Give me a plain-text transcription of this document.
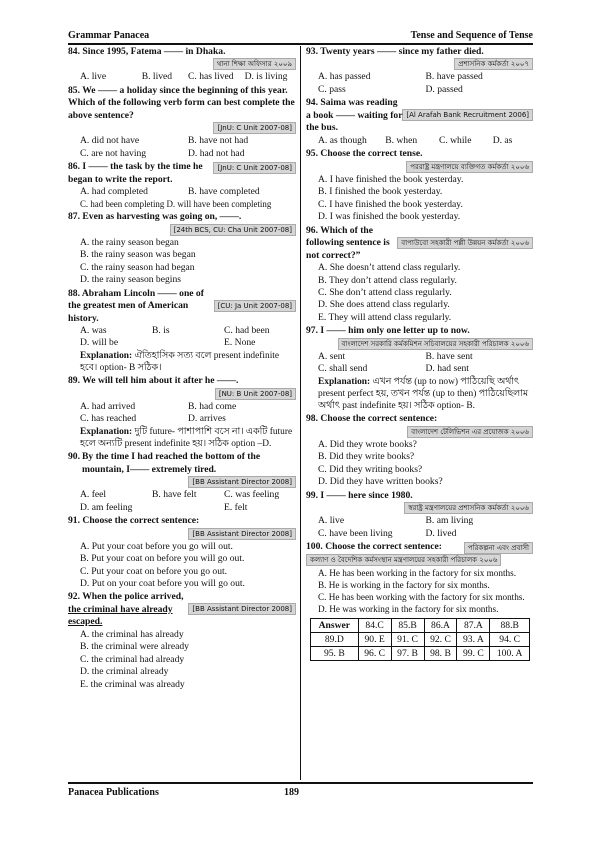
Grammar Panacea	Tense and Sequence of Tense
84. Since 1995, Fatema —— in Dhaka.
থানা শিক্ষা অফিসার ২০০৯
A. live	B. lived	C. has lived	D. is living
85. We —— a holiday since the beginning of this year. Which of the following verb form can best complete the above sentence?
[JnU: C Unit 2007-08]
A. did not have	B. have not had
C. are not having	D. had not had
[JnU: C Unit 2007-08]
86. I —— the task by the time he began to write the report.
A. had completed	B. have completed
C. had been completing D. will have been completing
87. Even as harvesting was going on, ——.
[24th BCS, CU: Cha Unit 2007-08]
A. the rainy season began
B. the rainy season was began
C. the rainy season had began
D. the rainy season begins
[CU: Ja Unit 2007-08]
88. Abraham Lincoln —— one of the greatest men of American history.
A. was	B. is	C. had been
D. will be	E. None
Explanation: ঐতিহাসিক সত্য বলে present indefinite হবে। option- B সঠিক।
89. We will tell him about it after he ——.
[NU: B Unit 2007-08]
A. had arrived	B. had come
C. has reached	D. arrives
Explanation: দুটি future- পাশাপাশি বসে না। একটি future হলে অন্যটি present indefinite হয়। সঠিক option –D.
90. By the time I had reached the bottom of the mountain, I—— extremely tired.
[BB Assistant Director 2008]
A. feel	B. have felt	C. was feeling
D. am feeling	E. felt
91. Choose the correct sentence:
[BB Assistant Director 2008]
A. Put your coat before you go will out.
B. Put your coat on before you will go out.
C. Put your coat on before you go out.
D. Put on your coat before you will go out.
[BB Assistant Director 2008]
92. When the police arrived, the criminal have already escaped.
A. the criminal has already
B. the criminal were already
C. the criminal had already
D. the criminal already
E. the criminal was already
93. Twenty years —— since my father died.
প্রশাসনিক কর্মকর্তা ২০০৭
A. has passed	B. have passed
C. pass	D. passed
[Al Arafah Bank Recruitment 2006]
94. Saima was reading a book —— waiting for the bus.
A. as though	B. when	C. while	D. as
95. Choose the correct tense.
পররাষ্ট্র মন্ত্রণালয়ে ব্যক্তিগত কর্মকর্তা ২০০৬
A. I have finished the book yesterday.
B. I finished the book yesterday.
C. I have finished the book yesterday.
D. I was finished the book yesterday.
বাপাউবো সহকারী পল্লী উন্নয়ন কর্মকর্তা ২০০৬
96. Which of the following sentence is not correct?”
A. She doesn’t attend class regularly.
B. They don’t attend class regularly.
C. She don’t attend class regularly.
D. She does attend class regularly.
E. They will attend class regularly.
97. I —— him only one letter up to now.
বাংলাদেশ সরকারি কর্মকমিশন সচিবালয়ের সহকারী পরিচালক ২০০৬
A. sent	B. have sent
C. shall send	D. had sent
Explanation: এখন পর্যন্ত (up to now) পাঠিয়েছি অর্থাৎ present perfect হয়, তখন পর্যন্ত (up to then) পাঠিয়েছিলাম অর্থাৎ past indefinite হয়। সঠিক option- B.
98. Choose the correct sentence:
বাংলাদেশ টেলিভিশন এর প্রযোজক ২০০৬
A. Did they wrote books?
B. Did they write books?
C. Did they writing books?
D. Did they have written books?
99. I —— here since 1980.
স্বরাষ্ট্র মন্ত্রণালয়ের প্রশাসনিক কর্মকর্তা ২০০৬
A. live	B. am living
C. have been living	D. lived
পরিকল্পনা এবং প্রবাসী
100. Choose the correct sentence:
কল্যাণ ও বৈদেশিক কর্মসংস্থান মন্ত্রণালয়ের সহকারী পরিচালক ২০০৬
A. He has been working in the factory for six months.
B. He is working in the factory for six months.
C. He has been working with the factory for six months.
D. He was working in the factory for six months.
Answer	84.C	85.B	86.A	87.A	88.B
89.D	90. E	91. C	92. C	93. A	94. C
95. B	96. C	97. B	98. B	99. C	100. A
Panacea Publications	189
